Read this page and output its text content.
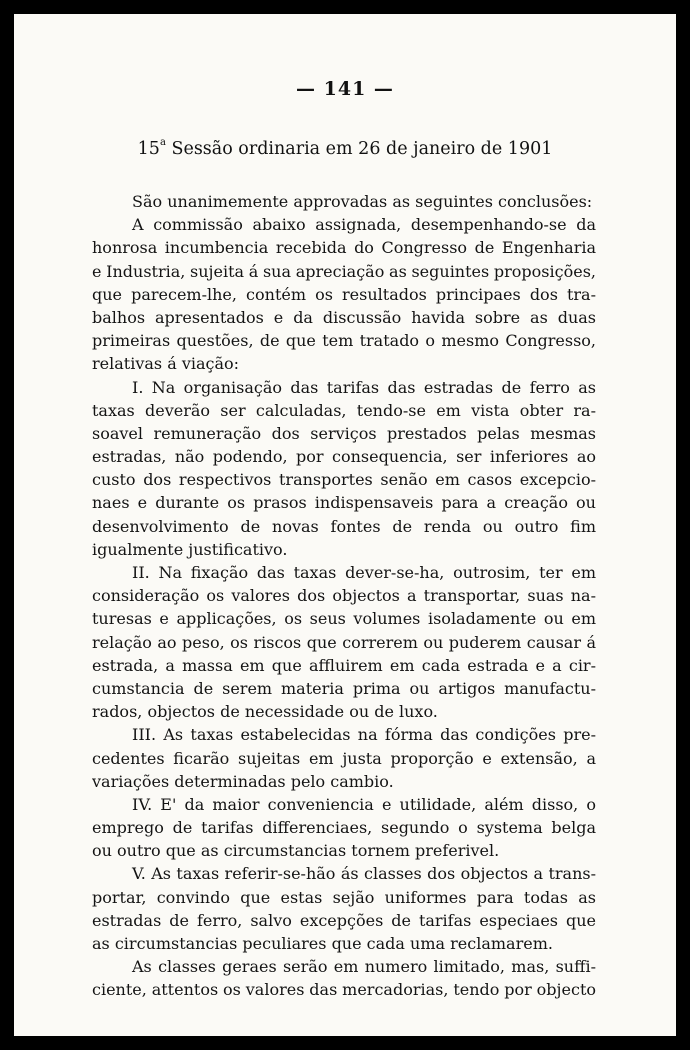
— 141 —
15$^a$ Sessão ordinaria em 26 de janeiro de 1901
São unanimemente approvadas as seguintes conclusões:
A commissão abaixo assignada, desempenhando-se da
honrosa incumbencia recebida do Congresso de Engenharia
e Industria, sujeita á sua apreciação as seguintes proposições,
que parecem-lhe, contém os resultados principaes dos tra-
balhos apresentados e da discussão havida sobre as duas
primeiras questões, de que tem tratado o mesmo Congresso,
relativas á viação:
I. Na organisação das tarifas das estradas de ferro as
taxas deverão ser calculadas, tendo-se em vista obter ra-
soavel remuneração dos serviços prestados pelas mesmas
estradas, não podendo, por consequencia, ser inferiores ao
custo dos respectivos transportes senão em casos excepcio-
naes e durante os prasos indispensaveis para a creação ou
desenvolvimento de novas fontes de renda ou outro fim
igualmente justificativo.
II. Na fixação das taxas dever-se-ha, outrosim, ter em
consideração os valores dos objectos a transportar, suas na-
turesas e applicações, os seus volumes isoladamente ou em
relação ao peso, os riscos que correrem ou puderem causar á
estrada, a massa em que affluirem em cada estrada e a cir-
cumstancia de serem materia prima ou artigos manufactu-
rados, objectos de necessidade ou de luxo.
III. As taxas estabelecidas na fórma das condições pre-
cedentes ficarão sujeitas em justa proporção e extensão, a
variações determinadas pelo cambio.
IV. E' da maior conveniencia e utilidade, além disso, o
emprego de tarifas differenciaes, segundo o systema belga
ou outro que as circumstancias tornem preferivel.
V. As taxas referir-se-hão ás classes dos objectos a trans-
portar, convindo que estas sejão uniformes para todas as
estradas de ferro, salvo excepções de tarifas especiaes que
as circumstancias peculiares que cada uma reclamarem.
As classes geraes serão em numero limitado, mas, suffi-
ciente, attentos os valores das mercadorias, tendo por objecto
